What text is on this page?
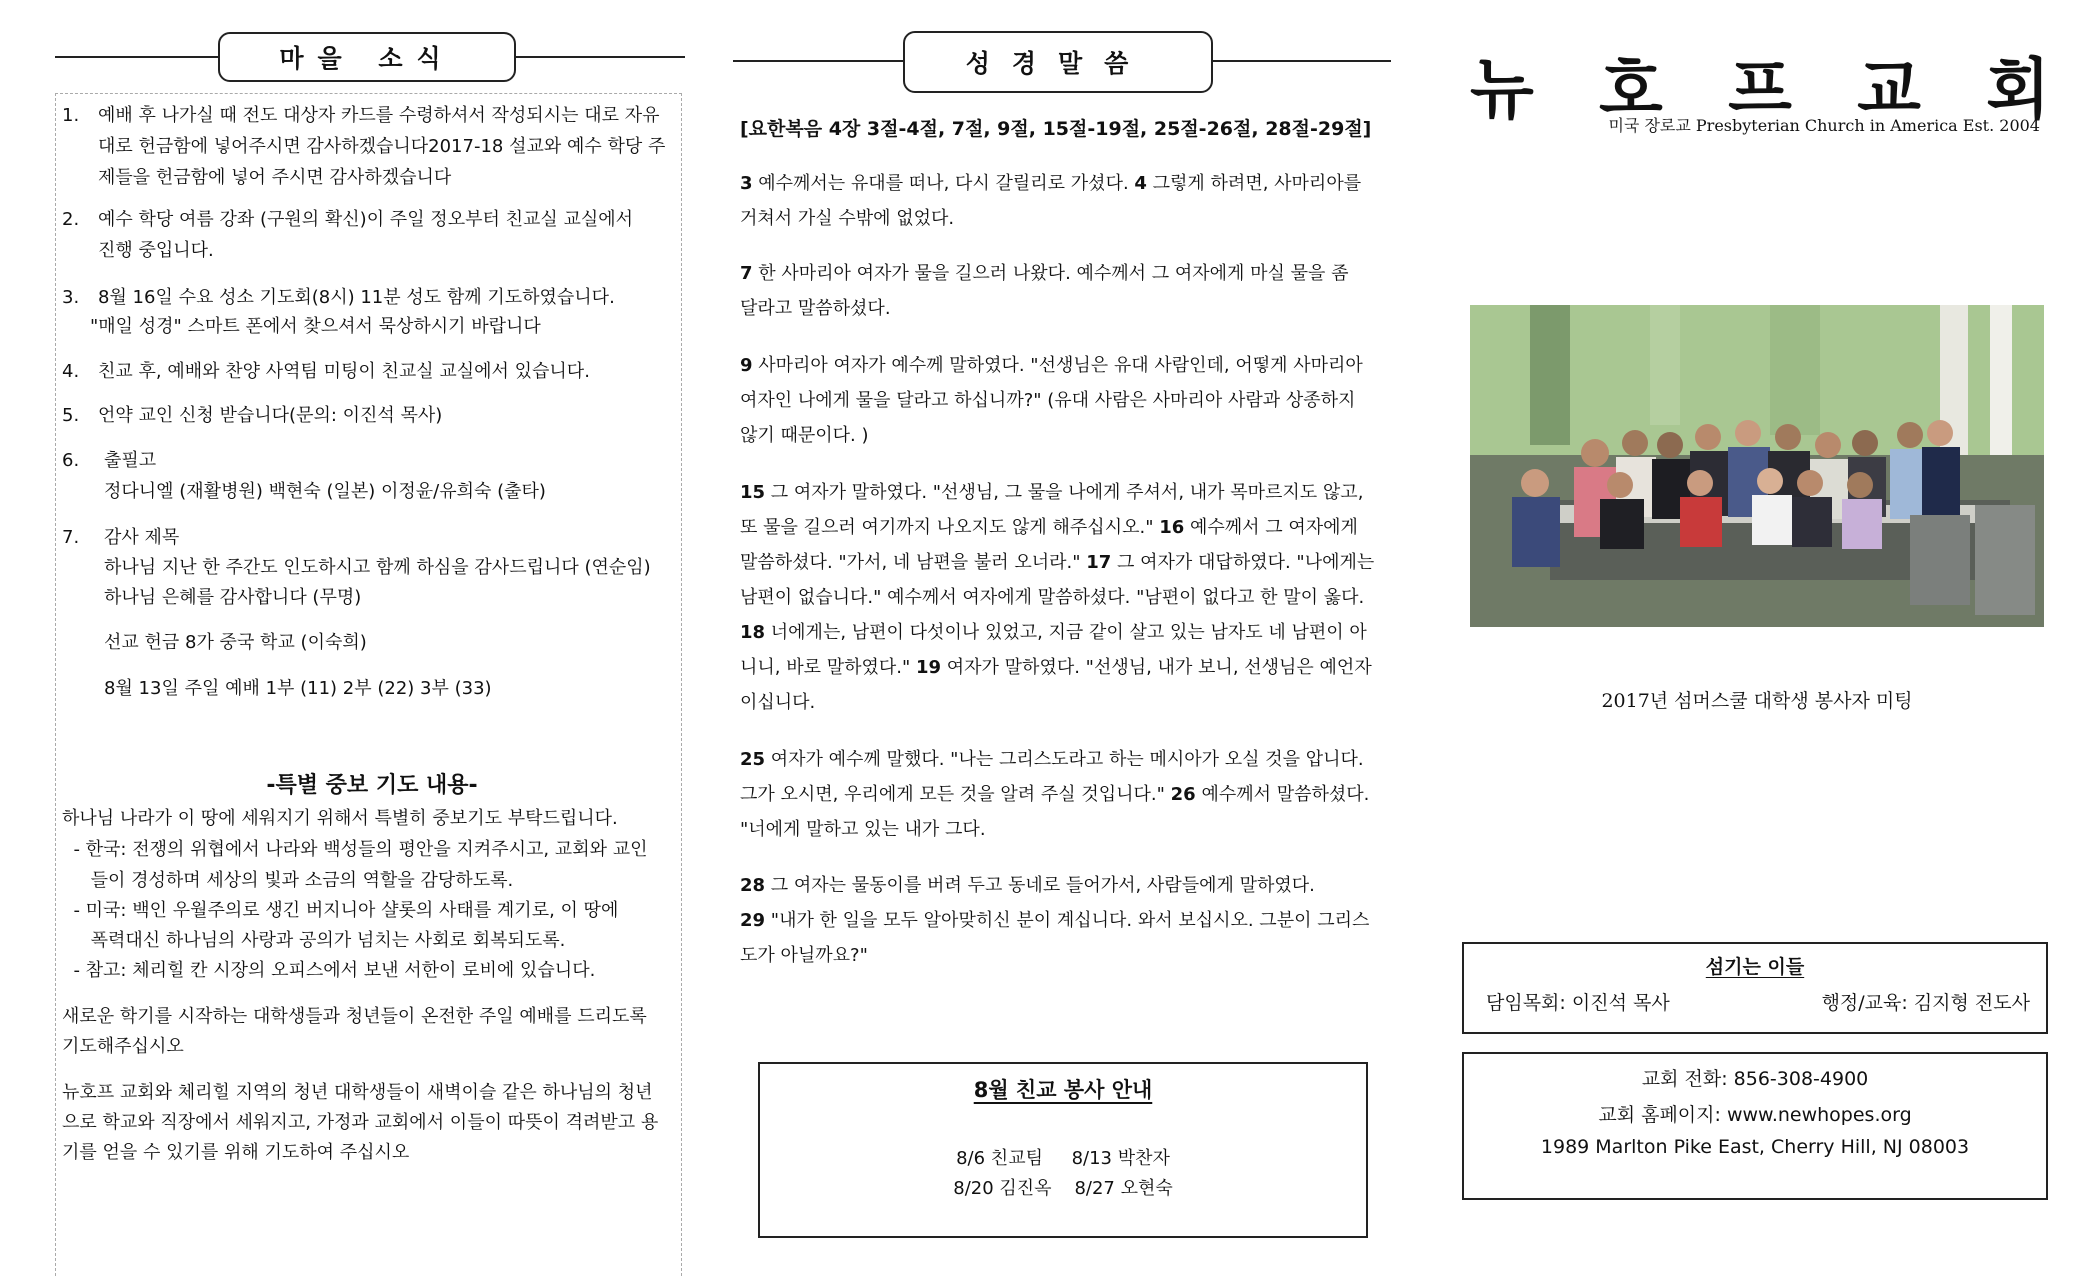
마을 소식
1. 예배 후 나가실 때 전도 대상자 카드를 수령하셔서 작성되시는 대로 자유
대로 헌금함에 넣어주시면 감사하겠습니다2017-18 설교와 예수 학당 주
제들을 헌금함에 넣어 주시면 감사하겠습니다
2. 예수 학당 여름 강좌 (구원의 확신)이 주일 정오부터 친교실 교실에서
진행 중입니다.
3. 8월 16일 수요 성소 기도회(8시) 11분 성도 함께 기도하였습니다.
"매일 성경" 스마트 폰에서 찾으셔서 묵상하시기 바랍니다
4. 친교 후, 예배와 찬양 사역팀 미팅이 친교실 교실에서 있습니다.
5. 언약 교인 신청 받습니다(문의: 이진석 목사)
6.	출필고
정다니엘 (재활병원) 백현숙 (일본) 이정윤/유희숙 (출타)
7.	감사 제목
하나님 지난 한 주간도 인도하시고 함께 하심을 감사드립니다 (연순임)
하나님 은혜를 감사합니다 (무명)
선교 헌금 8가 중국 학교 (이숙희)
8월 13일 주일 예배 1부 (11) 2부 (22) 3부 (33)
-특별 중보 기도 내용-
하나님 나라가 이 땅에 세워지기 위해서 특별히 중보기도 부탁드립니다.
- 한국: 전쟁의 위협에서 나라와 백성들의 평안을 지켜주시고, 교회와 교인
들이 경성하며 세상의 빛과 소금의 역할을 감당하도록.
- 미국: 백인 우월주의로 생긴 버지니아 샬롯의 사태를 계기로, 이 땅에
폭력대신 하나님의 사랑과 공의가 넘치는 사회로 회복되도록.
- 참고: 체리힐 칸 시장의 오피스에서 보낸 서한이 로비에 있습니다.
새로운 학기를 시작하는 대학생들과 청년들이 온전한 주일 예배를 드리도록
기도해주십시오
뉴호프 교회와 체리힐 지역의 청년 대학생들이 새벽이슬 같은 하나님의 청년
으로 학교와 직장에서 세워지고, 가정과 교회에서 이들이 따뜻이 격려받고 용
기를 얻을 수 있기를 위해 기도하여 주십시오
성경말씀
[요한복음 4장 3절-4절, 7절, 9절, 15절-19절, 25절-26절, 28절-29절]
3 예수께서는 유대를 떠나, 다시 갈릴리로 가셨다. 4 그렇게 하려면, 사마리아를
거쳐서 가실 수밖에 없었다.
7 한 사마리아 여자가 물을 길으러 나왔다. 예수께서 그 여자에게 마실 물을 좀
달라고 말씀하셨다.
9 사마리아 여자가 예수께 말하였다. "선생님은 유대 사람인데, 어떻게 사마리아
여자인 나에게 물을 달라고 하십니까?" (유대 사람은 사마리아 사람과 상종하지
않기 때문이다. )
15 그 여자가 말하였다. "선생님, 그 물을 나에게 주셔서, 내가 목마르지도 않고,
또 물을 길으러 여기까지 나오지도 않게 해주십시오." 16 예수께서 그 여자에게
말씀하셨다. "가서, 네 남편을 불러 오너라." 17 그 여자가 대답하였다. "나에게는
남편이 없습니다." 예수께서 여자에게 말씀하셨다. "남편이 없다고 한 말이 옳다.
18 너에게는, 남편이 다섯이나 있었고, 지금 같이 살고 있는 남자도 네 남편이 아
니니, 바로 말하였다." 19 여자가 말하였다. "선생님, 내가 보니, 선생님은 예언자
이십니다.
25 여자가 예수께 말했다. "나는 그리스도라고 하는 메시아가 오실 것을 압니다.
그가 오시면, 우리에게 모든 것을 알려 주실 것입니다." 26 예수께서 말씀하셨다.
"너에게 말하고 있는 내가 그다.
28 그 여자는 물동이를 버려 두고 동네로 들어가서, 사람들에게 말하였다.
29 "내가 한 일을 모두 알아맞히신 분이 계십니다. 와서 보십시오. 그분이 그리스
도가 아닐까요?"
8월 친교 봉사 안내
8/6 친교팀     8/13 박찬자
8/20 김진옥    8/27 오현숙
뉴 호 프 교 회
미국 장로교 Presbyterian Church in America Est. 2004
2017년 섬머스쿨 대학생 봉사자 미팅
섬기는 이들
담임목회: 이진석 목사	행정/교육: 김지형 전도사
교회 전화: 856-308-4900
교회 홈페이지: www.newhopes.org
1989 Marlton Pike East, Cherry Hill, NJ 08003
